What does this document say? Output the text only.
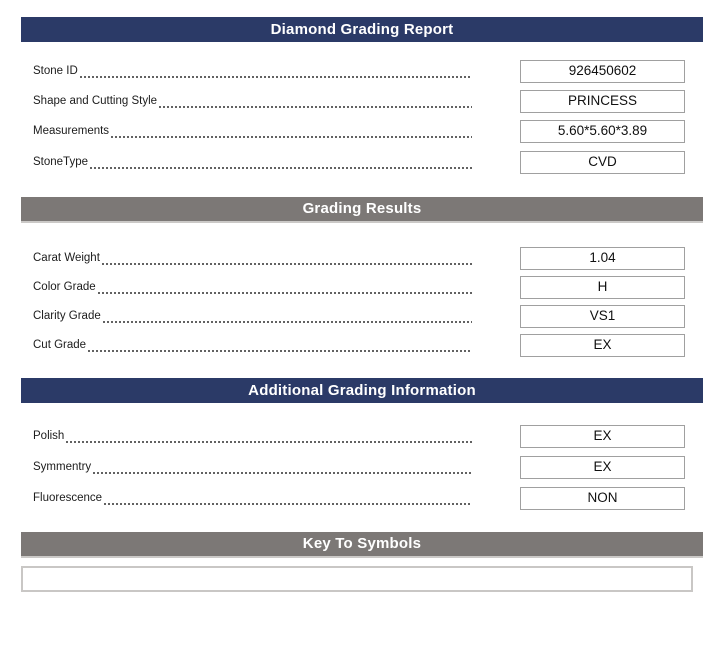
Diamond Grading Report
Stone ID	926450602
Shape and Cutting Style	PRINCESS
Measurements	5.60*5.60*3.89
StoneType	CVD
Grading Results
Carat Weight	1.04
Color Grade	H
Clarity Grade	VS1
Cut Grade	EX
Additional Grading Information
Polish	EX
Symmentry	EX
Fluorescence	NON
Key To Symbols
